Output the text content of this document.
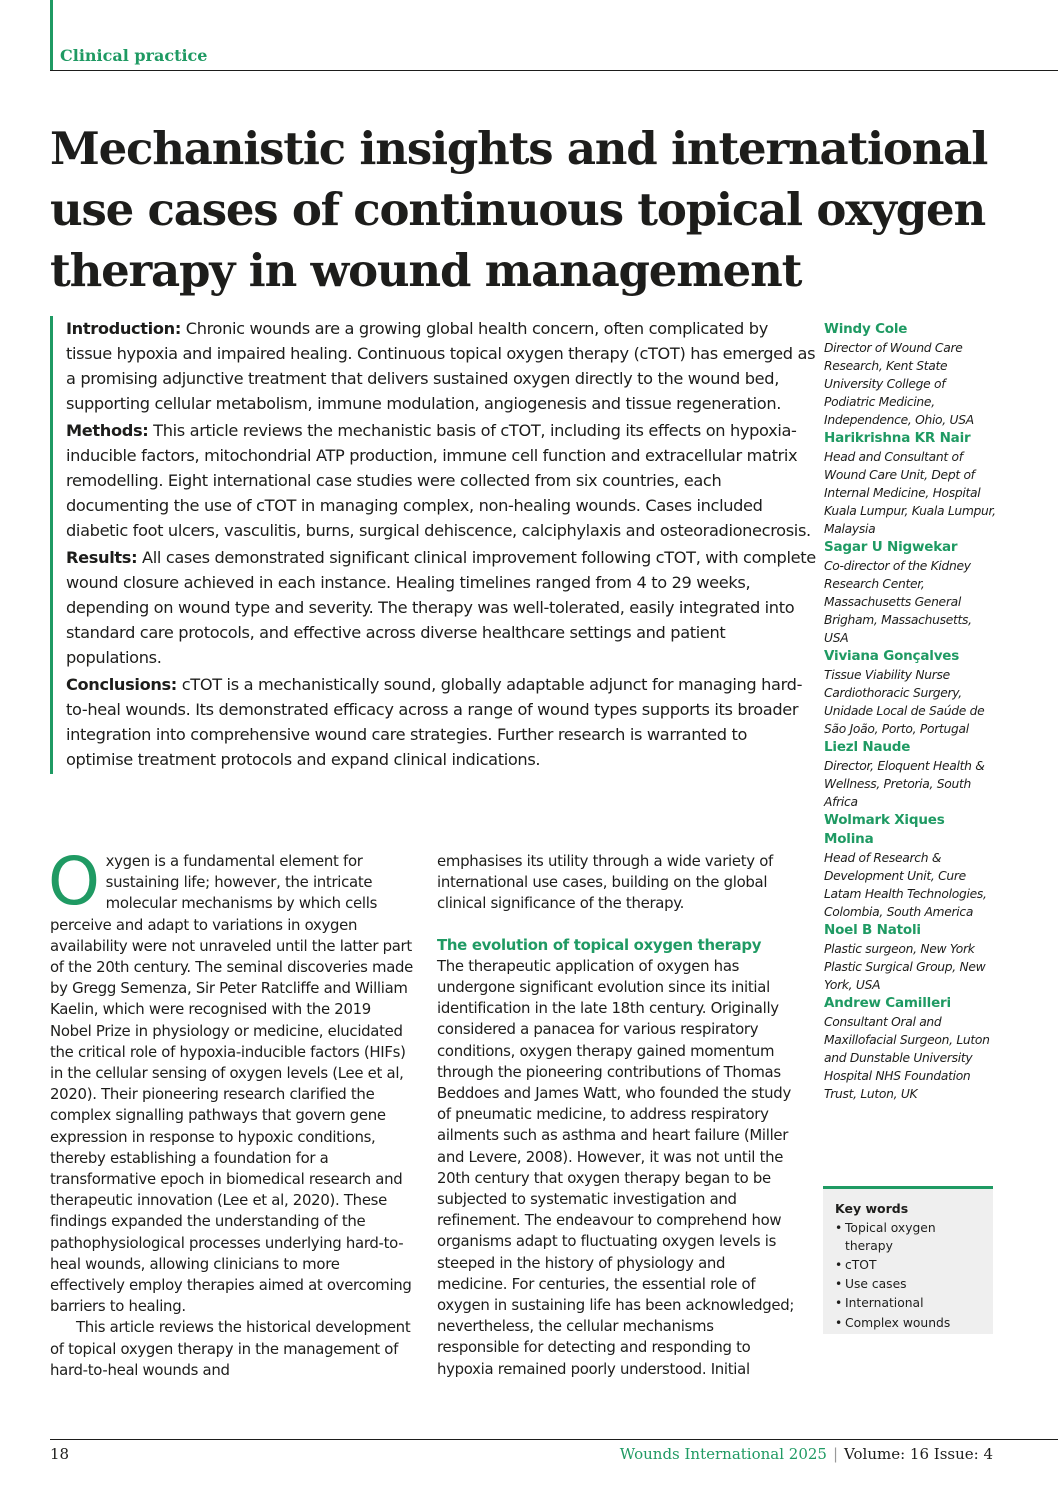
Clinical practice
Mechanistic insights and international use cases of continuous topical oxygen therapy in wound management

Introduction: Chronic wounds are a growing global health concern, often complicated by tissue hypoxia and impaired healing. Continuous topical oxygen therapy (cTOT) has emerged as a promising adjunctive treatment that delivers sustained oxygen directly to the wound bed, supporting cellular metabolism, immune modulation, angiogenesis and tissue regeneration.

Methods: This article reviews the mechanistic basis of cTOT, including its effects on hypoxia-inducible factors, mitochondrial ATP production, immune cell function and extracellular matrix remodelling. Eight international case studies were collected from six countries, each documenting the use of cTOT in managing complex, non-healing wounds. Cases included diabetic foot ulcers, vasculitis, burns, surgical dehiscence, calciphylaxis and osteoradionecrosis.

Results: All cases demonstrated significant clinical improvement following cTOT, with complete wound closure achieved in each instance. Healing timelines ranged from 4 to 29 weeks, depending on wound type and severity. The therapy was well-tolerated, easily integrated into standard care protocols, and effective across diverse healthcare settings and patient populations.

Conclusions: cTOT is a mechanistically sound, globally adaptable adjunct for managing hard-to-heal wounds. Its demonstrated efficacy across a range of wound types supports its broader integration into comprehensive wound care strategies. Further research is warranted to optimise treatment protocols and expand clinical indications.

Windy Cole
Director of Wound Care Research, Kent State University College of Podiatric Medicine, Independence, Ohio, USA
Harikrishna KR Nair
Head and Consultant of Wound Care Unit, Dept of Internal Medicine, Hospital Kuala Lumpur, Kuala Lumpur, Malaysia
Sagar U Nigwekar
Co-director of the Kidney Research Center, Massachusetts General Brigham, Massachusetts, USA
Viviana Gonçalves
Tissue Viability Nurse Cardiothoracic Surgery, Unidade Local de Saúde de São João, Porto, Portugal
Liezl Naude
Director, Eloquent Health & Wellness, Pretoria, South Africa
Wolmark Xiques Molina
Head of Research & Development Unit, Cure Latam Health Technologies, Colombia, South America
Noel B Natoli
Plastic surgeon, New York Plastic Surgical Group, New York, USA
Andrew Camilleri
Consultant Oral and Maxillofacial Surgeon, Luton and Dunstable University Hospital NHS Foundation Trust, Luton, UK
Key words
• Topical oxygen therapy
• cTOT
• Use cases
• International
• Complex wounds

Oxygen is a fundamental element for sustaining life; however, the intricate molecular mechanisms by which cells perceive and adapt to variations in oxygen availability were not unraveled until the latter part of the 20th century. The seminal discoveries made by Gregg Semenza, Sir Peter Ratcliffe and William Kaelin, which were recognised with the 2019 Nobel Prize in physiology or medicine, elucidated the critical role of hypoxia-inducible factors (HIFs) in the cellular sensing of oxygen levels (Lee et al, 2020). Their pioneering research clarified the complex signalling pathways that govern gene expression in response to hypoxic conditions, thereby establishing a foundation for a transformative epoch in biomedical research and therapeutic innovation (Lee et al, 2020). These findings expanded the understanding of the pathophysiological processes underlying hard-to-heal wounds, allowing clinicians to more effectively employ therapies aimed at overcoming barriers to healing.

This article reviews the historical development of topical oxygen therapy in the management of hard-to-heal wounds and

emphasises its utility through a wide variety of international use cases, building on the global clinical significance of the therapy.

The evolution of topical oxygen therapy

The therapeutic application of oxygen has undergone significant evolution since its initial identification in the late 18th century. Originally considered a panacea for various respiratory conditions, oxygen therapy gained momentum through the pioneering contributions of Thomas Beddoes and James Watt, who founded the study of pneumatic medicine, to address respiratory ailments such as asthma and heart failure (Miller and Levere, 2008). However, it was not until the 20th century that oxygen therapy began to be subjected to systematic investigation and refinement. The endeavour to comprehend how organisms adapt to fluctuating oxygen levels is steeped in the history of physiology and medicine. For centuries, the essential role of oxygen in sustaining life has been acknowledged; nevertheless, the cellular mechanisms responsible for detecting and responding to hypoxia remained poorly understood. Initial

18	Wounds International 2025 | Volume: 16 Issue: 4
